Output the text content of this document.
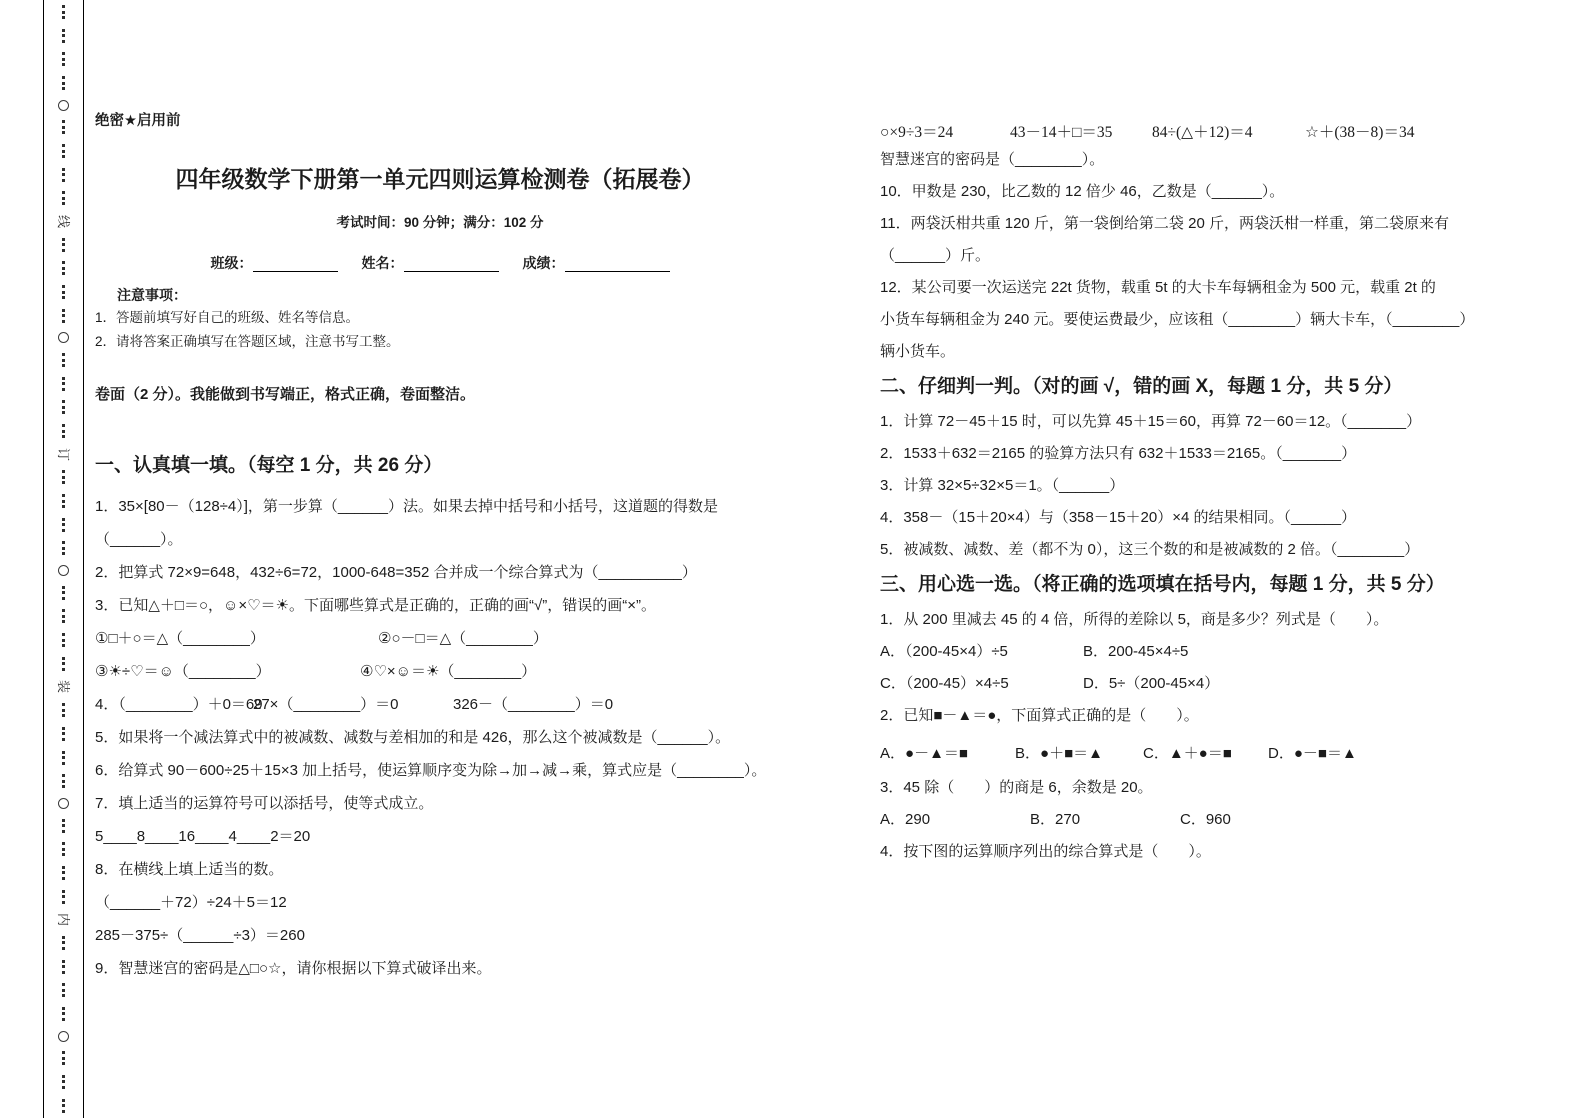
线
订
装
内
绝密★启用前
四年级数学下册第一单元四则运算检测卷（拓展卷）
考试时间：90 分钟；满分：102 分
班级：	姓名：	成绩：
注意事项：
1．答题前填写好自己的班级、姓名等信息。
2．请将答案正确填写在答题区域，注意书写工整。
卷面（2 分）。我能做到书写端正，格式正确，卷面整洁。
一、认真填一填。（每空 1 分，共 26 分）
1．35×[80－（128÷4）]，第一步算（______）法。如果去掉中括号和小括号，这道题的得数是
（______）。
2．把算式 72×9=648，432÷6=72，1000-648=352 合并成一个综合算式为（__________）
3．已知△＋□＝○，☺×♡＝☀。下面哪些算式是正确的，正确的画“√”，错误的画“×”。
①□＋○＝△（________）	②○－□＝△（________）
③☀÷♡＝☺（________）	④♡×☺＝☀（________）
4．（________）＋0＝69
27×（________）＝0	326－（________）＝0
5．如果将一个减法算式中的被减数、减数与差相加的和是 426，那么这个被减数是（______）。
6．给算式 90－600÷25＋15×3 加上括号，使运算顺序变为除→加→减→乘，算式应是（________）。
7．填上适当的运算符号可以添括号，使等式成立。
5____8____16____4____2＝20
8．在横线上填上适当的数。
（______＋72）÷24＋5＝12
285－375÷（______÷3）＝260
9．智慧迷宫的密码是△□○☆，请你根据以下算式破译出来。
○×9÷3＝24	43－14＋□＝35	84÷(△＋12)＝4	☆＋(38－8)＝34
智慧迷宫的密码是（________）。
10．甲数是 230，比乙数的 12 倍少 46，乙数是（______）。
11．两袋沃柑共重 120 斤，第一袋倒给第二袋 20 斤，两袋沃柑一样重，第二袋原来有
（______）斤。
12．某公司要一次运送完 22t 货物，载重 5t 的大卡车每辆租金为 500 元，载重 2t 的
小货车每辆租金为 240 元。要使运费最少，应该租（________）辆大卡车，（________）
辆小货车。
二、仔细判一判。（对的画 √，错的画 X，每题 1 分，共 5 分）
1．计算 72－45＋15 时，可以先算 45＋15＝60，再算 72－60＝12。（_______）
2．1533＋632＝2165 的验算方法只有 632＋1533＝2165。（_______）
3．计算 32×5÷32×5＝1。（______）
4．358－（15＋20×4）与（358－15＋20）×4 的结果相同。（______）
5．被减数、减数、差（都不为 0），这三个数的和是被减数的 2 倍。（________）
三、用心选一选。（将正确的选项填在括号内，每题 1 分，共 5 分）
1．从 200 里减去 45 的 4 倍，所得的差除以 5，商是多少？列式是（　　）。
A．（200-45×4）÷5	B．200-45×4÷5
C．（200-45）×4÷5	D．5÷（200-45×4）
2．已知■－▲＝●，下面算式正确的是（　　）。
A．●－▲＝■	B．●＋■＝▲	C．▲＋●＝■	D．●－■＝▲
3．45 除（　　）的商是 6，余数是 20。
A．290	B．270	C．960
4．按下图的运算顺序列出的综合算式是（　　）。
